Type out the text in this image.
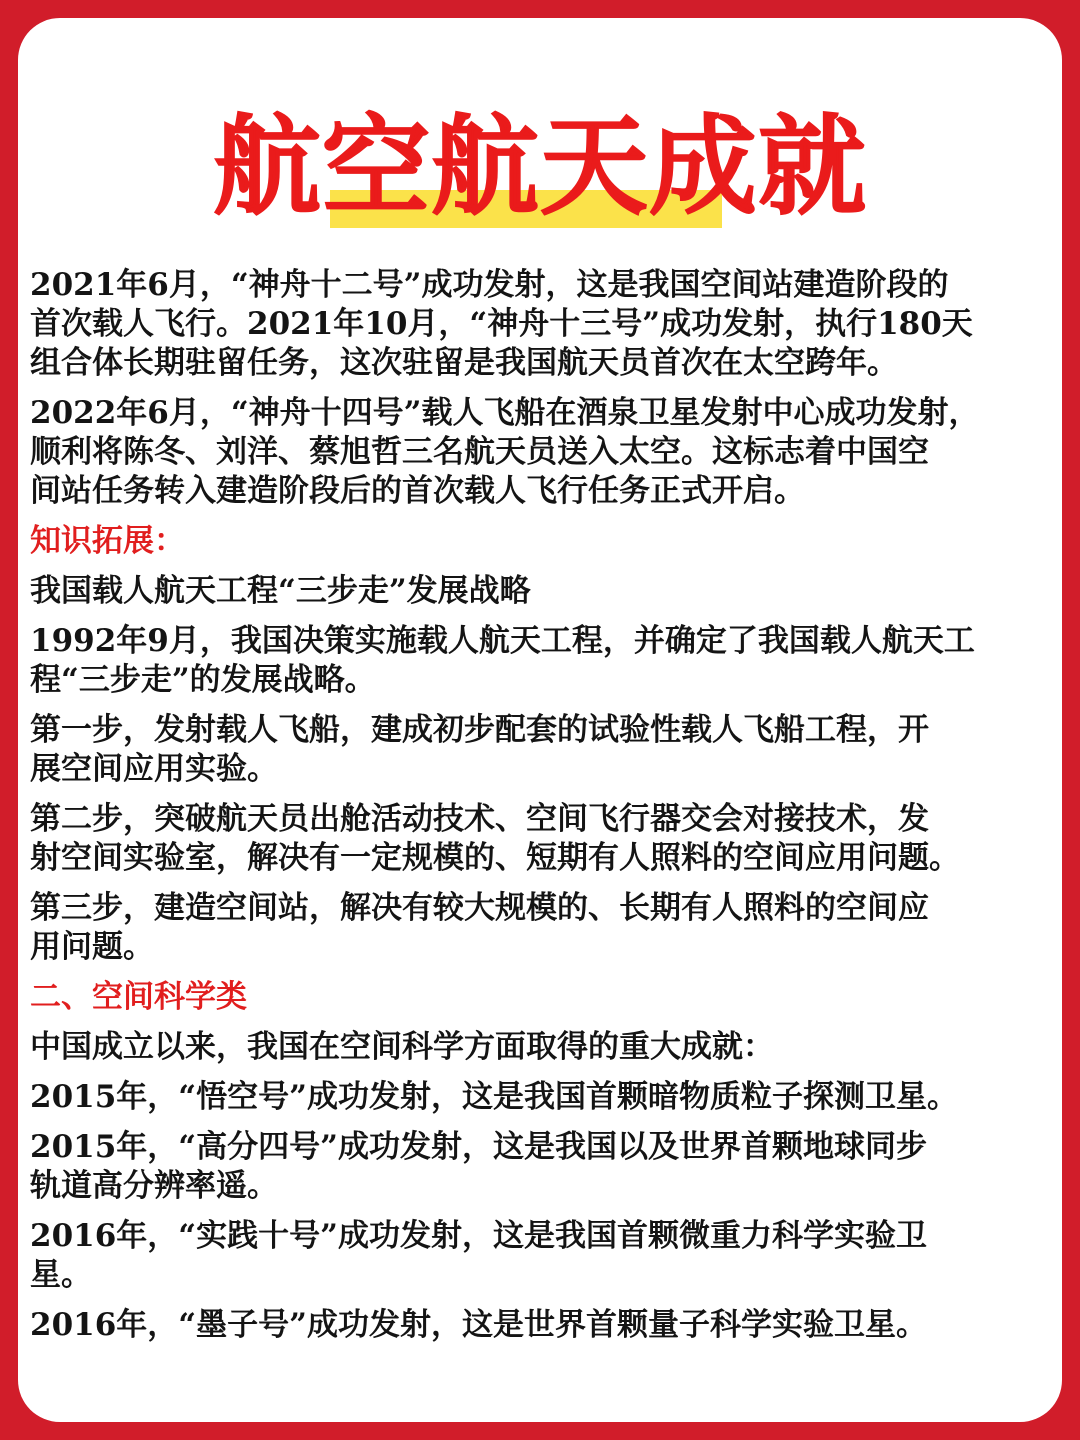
航空航天成就

2021年6月，“神舟十二号”成功发射，这是我国空间站建造阶段的
首次载人飞行。2021年10月，“神舟十三号”成功发射，执行180天
组合体长期驻留任务，这次驻留是我国航天员首次在太空跨年。

2022年6月，“神舟十四号”载人飞船在酒泉卫星发射中心成功发射，
顺利将陈冬、刘洋、蔡旭哲三名航天员送入太空。这标志着中国空
间站任务转入建造阶段后的首次载人飞行任务正式开启。

知识拓展：

我国载人航天工程“三步走”发展战略

1992年9月，我国决策实施载人航天工程，并确定了我国载人航天工
程“三步走”的发展战略。

第一步，发射载人飞船，建成初步配套的试验性载人飞船工程，开
展空间应用实验。

第二步，突破航天员出舱活动技术、空间飞行器交会对接技术，发
射空间实验室，解决有一定规模的、短期有人照料的空间应用问题。

第三步，建造空间站，解决有较大规模的、长期有人照料的空间应
用问题。

二、空间科学类

中国成立以来，我国在空间科学方面取得的重大成就：

2015年，“悟空号”成功发射，这是我国首颗暗物质粒子探测卫星。

2015年，“高分四号”成功发射，这是我国以及世界首颗地球同步
轨道高分辨率遥。

2016年，“实践十号”成功发射，这是我国首颗微重力科学实验卫
星。

2016年，“墨子号”成功发射，这是世界首颗量子科学实验卫星。
